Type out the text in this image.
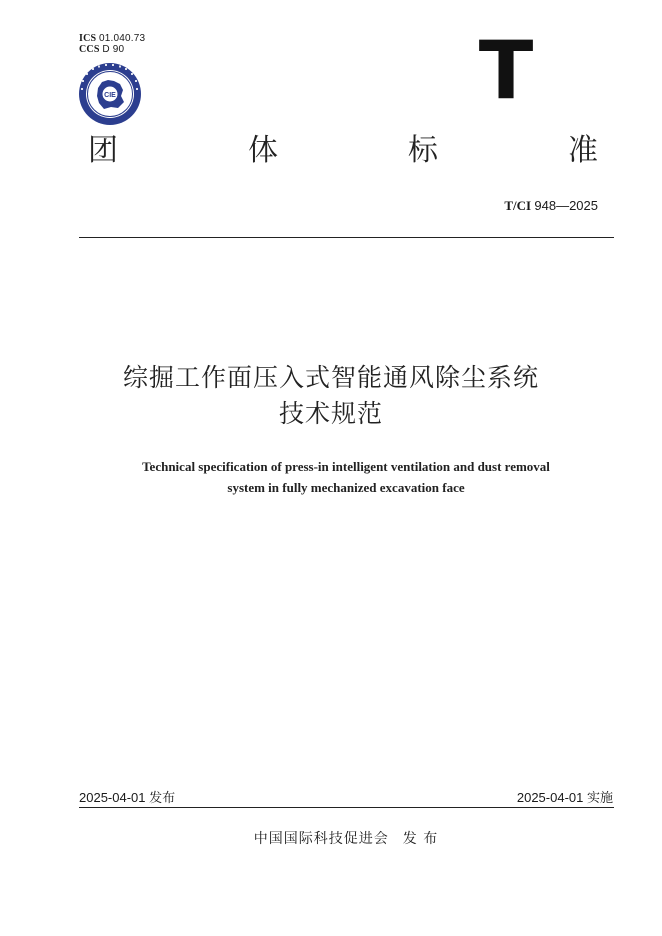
ICS 01.040.73
CCS D 90
CIE	T
团	体	标	准
T/CI 948—2025
综掘工作面压入式智能通风除尘系统
技术规范
Technical specification of press-in intelligent ventilation and dust removal
system in fully mechanized excavation face
2025-04-01 发布	2025-04-01 实施
中国国际科技促进会 发 布
